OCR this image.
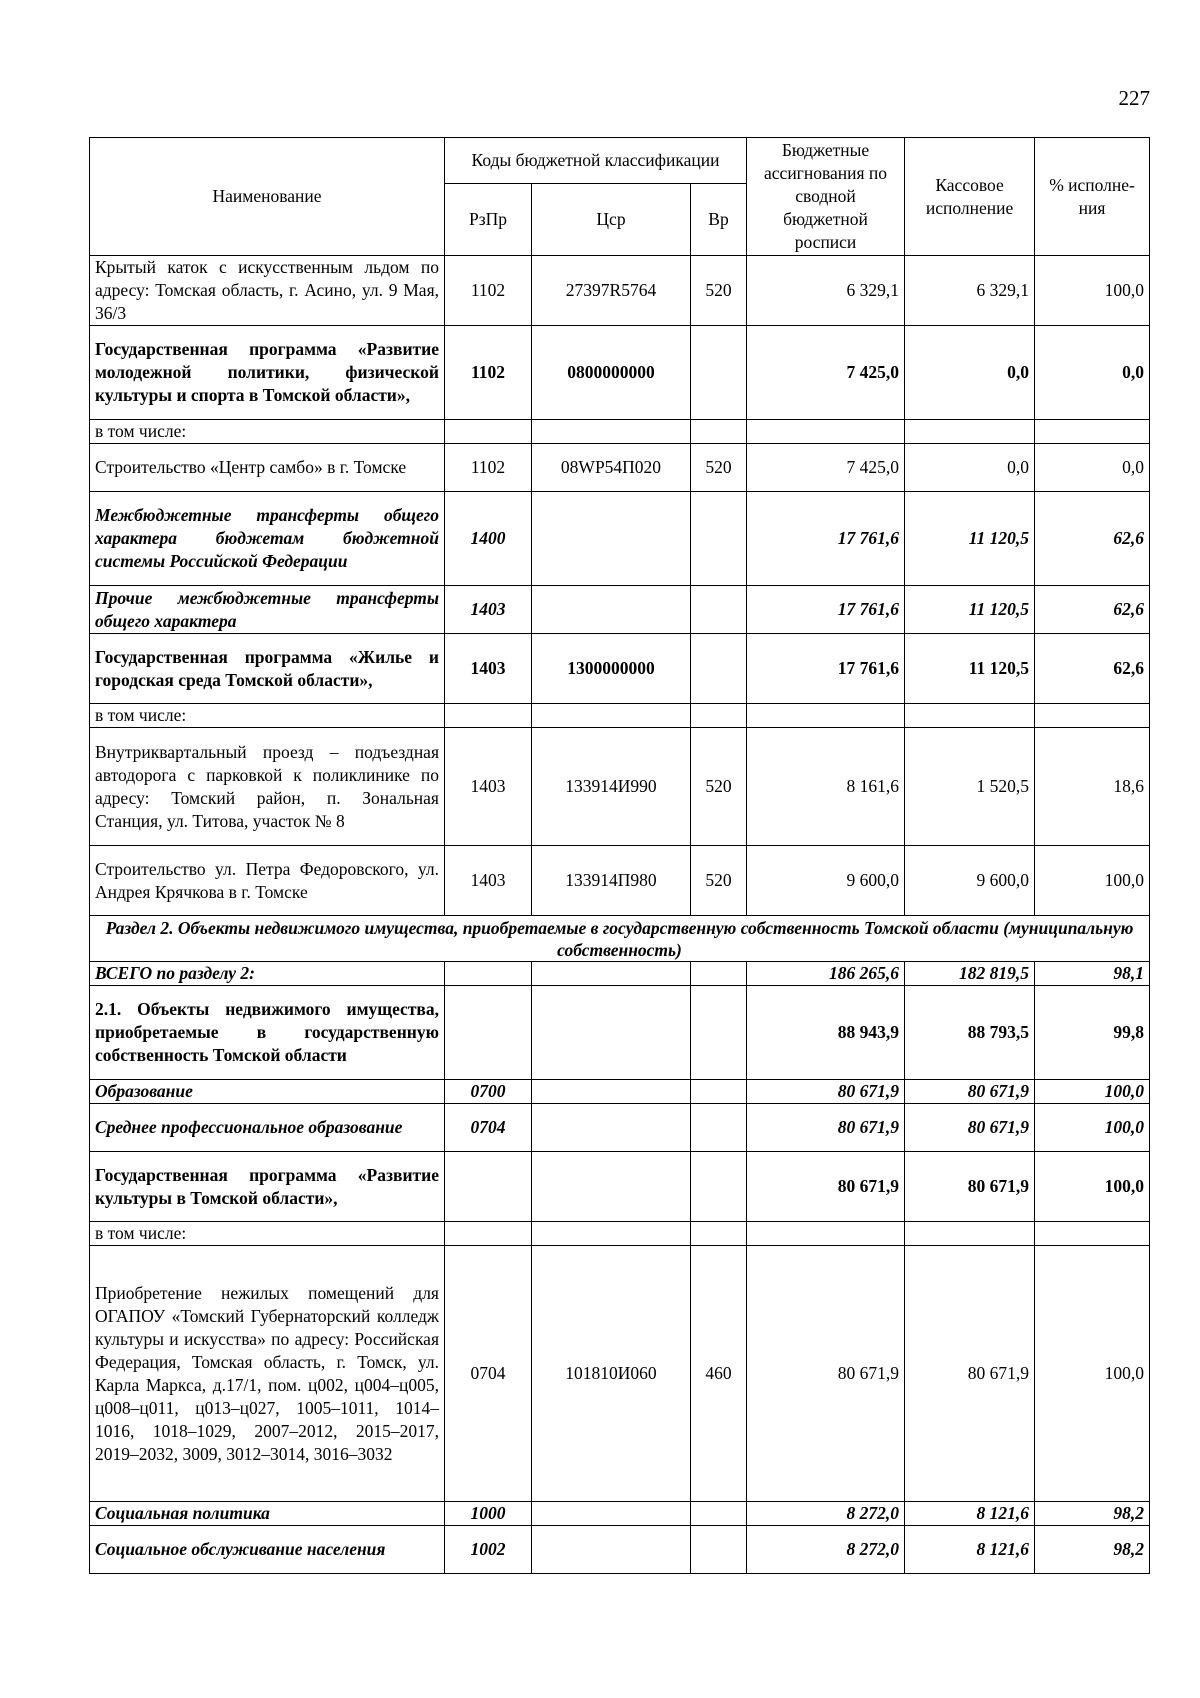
227
Наименование	Коды бюджетной классификации			Бюджетные ассигнования по сводной бюджетной росписи	Кассовое исполнение	% исполне-ния
	РзПр	Цср	Вр			
Крытый каток с искусственным льдом по адресу: Томская область, г. Асино, ул. 9 Мая, 36/3	1102	27397R5764	520	6 329,1	6 329,1	100,0
Государственная программа «Развитие молодежной политики, физической культуры и спорта в Томской области»,	1102	0800000000		7 425,0	0,0	0,0
в том числе:						
Строительство «Центр самбо» в г. Томске	1102	08WP54П020	520	7 425,0	0,0	0,0
Межбюджетные трансферты общего характера бюджетам бюджетной системы Российской Федерации	1400			17 761,6	11 120,5	62,6
Прочие межбюджетные трансферты общего характера	1403			17 761,6	11 120,5	62,6
Государственная программа «Жилье и городская среда Томской области»,	1403	1300000000		17 761,6	11 120,5	62,6
в том числе:						
Внутриквартальный проезд – подъездная автодорога с парковкой к поликлинике по адресу: Томский район, п. Зональная Станция, ул. Титова, участок № 8	1403	133914И990	520	8 161,6	1 520,5	18,6
Строительство ул. Петра Федоровского, ул. Андрея Крячкова в г. Томске	1403	133914П980	520	9 600,0	9 600,0	100,0
Раздел 2. Объекты недвижимого имущества, приобретаемые в государственную собственность Томской области (муниципальную собственность)						
ВСЕГО по разделу 2:				186 265,6	182 819,5	98,1
2.1. Объекты недвижимого имущества, приобретаемые в государственную собственность Томской области				88 943,9	88 793,5	99,8
Образование	0700			80 671,9	80 671,9	100,0
Среднее профессиональное образование	0704			80 671,9	80 671,9	100,0
Государственная программа «Развитие культуры в Томской области»,				80 671,9	80 671,9	100,0
в том числе:						
Приобретение нежилых помещений для ОГАПОУ «Томский Губернаторский колледж культуры и искусства» по адресу: Российская Федерация, Томская область, г. Томск, ул. Карла Маркса, д.17/1, пом. ц002, ц004–ц005, ц008–ц011, ц013–ц027, 1005–1011, 1014–1016, 1018–1029, 2007–2012, 2015–2017, 2019–2032, 3009, 3012–3014, 3016–3032	0704	101810И060	460	80 671,9	80 671,9	100,0
Социальная политика	1000			8 272,0	8 121,6	98,2
Социальное обслуживание населения	1002			8 272,0	8 121,6	98,2
